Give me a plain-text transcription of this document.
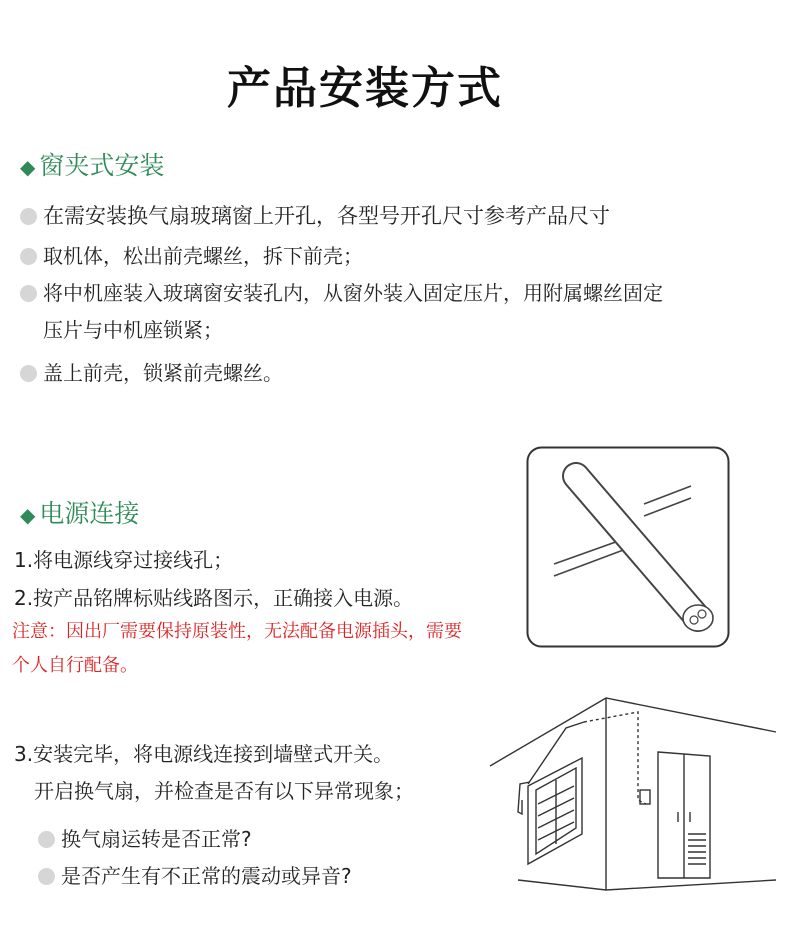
产品安装方式
◆ 窗夹式安装
在需安装换气扇玻璃窗上开孔，各型号开孔尺寸参考产品尺寸
取机体，松出前壳螺丝，拆下前壳；
将中机座装入玻璃窗安装孔内，从窗外装入固定压片，用附属螺丝固定
压片与中机座锁紧；
盖上前壳，锁紧前壳螺丝。
◆ 电源连接
1.将电源线穿过接线孔；
2.按产品铭牌标贴线路图示，正确接入电源。
注意：因出厂需要保持原装性，无法配备电源插头，需要
个人自行配备。
3.安装完毕，将电源线连接到墙壁式开关。
开启换气扇，并检查是否有以下异常现象；
换气扇运转是否正常?
是否产生有不正常的震动或异音?
